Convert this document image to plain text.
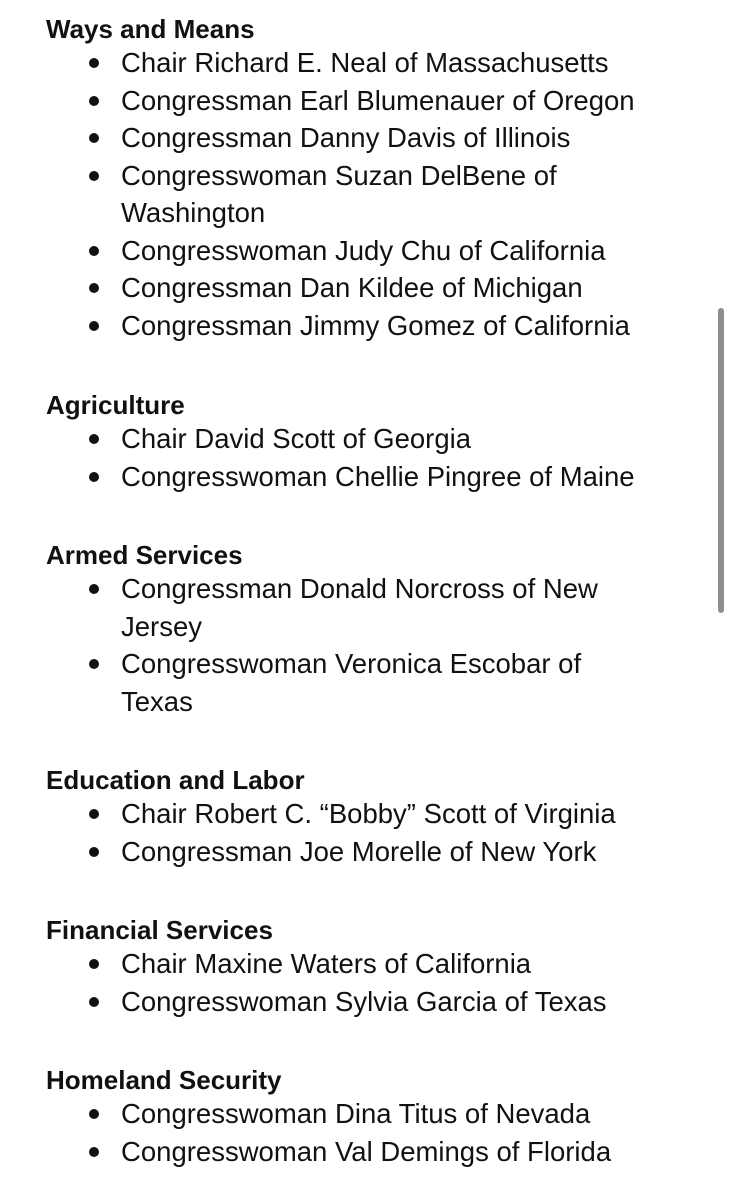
Ways and Means
Chair Richard E. Neal of Massachusetts
Congressman Earl Blumenauer of Oregon
Congressman Danny Davis of Illinois
Congresswoman Suzan DelBene of Washington
Congresswoman Judy Chu of California
Congressman Dan Kildee of Michigan
Congressman Jimmy Gomez of California
Agriculture
Chair David Scott of Georgia
Congresswoman Chellie Pingree of Maine
Armed Services
Congressman Donald Norcross of New Jersey
Congresswoman Veronica Escobar of Texas
Education and Labor
Chair Robert C. “Bobby” Scott of Virginia
Congressman Joe Morelle of New York
Financial Services
Chair Maxine Waters of California
Congresswoman Sylvia Garcia of Texas
Homeland Security
Congresswoman Dina Titus of Nevada
Congresswoman Val Demings of Florida
